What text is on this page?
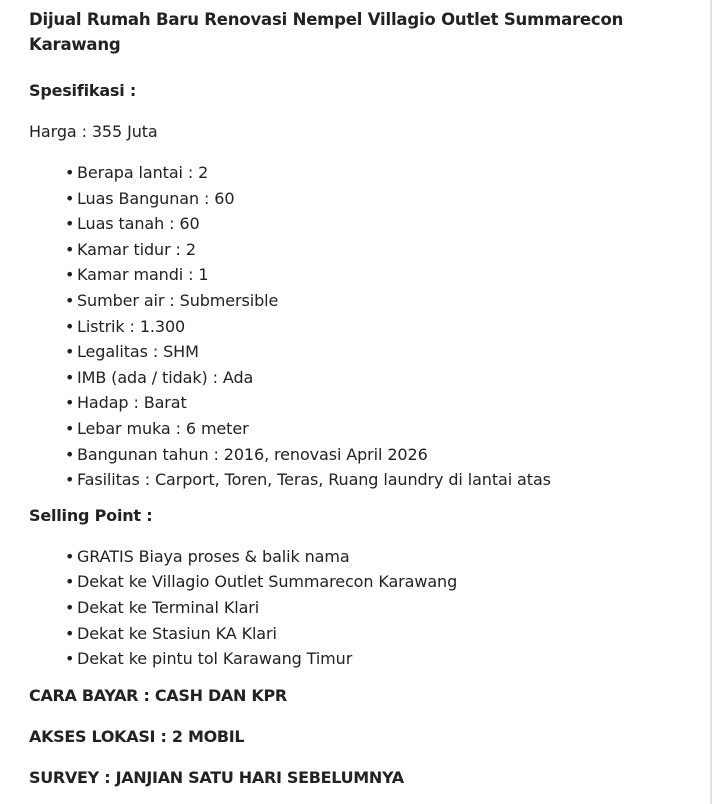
Dijual Rumah Baru Renovasi Nempel Villagio Outlet Summarecon Karawang

Spesifikasi :

Harga : 355 Juta

• Berapa lantai : 2
• Luas Bangunan : 60
• Luas tanah : 60
• Kamar tidur : 2
• Kamar mandi : 1
• Sumber air : Submersible
• Listrik : 1.300
• Legalitas : SHM
• IMB (ada / tidak) : Ada
• Hadap : Barat
• Lebar muka : 6 meter
• Bangunan tahun : 2016, renovasi April 2026
• Fasilitas : Carport, Toren, Teras, Ruang laundry di lantai atas

Selling Point :

• GRATIS Biaya proses & balik nama
• Dekat ke Villagio Outlet Summarecon Karawang
• Dekat ke Terminal Klari
• Dekat ke Stasiun KA Klari
• Dekat ke pintu tol Karawang Timur

CARA BAYAR : CASH DAN KPR

AKSES LOKASI : 2 MOBIL

SURVEY : JANJIAN SATU HARI SEBELUMNYA
